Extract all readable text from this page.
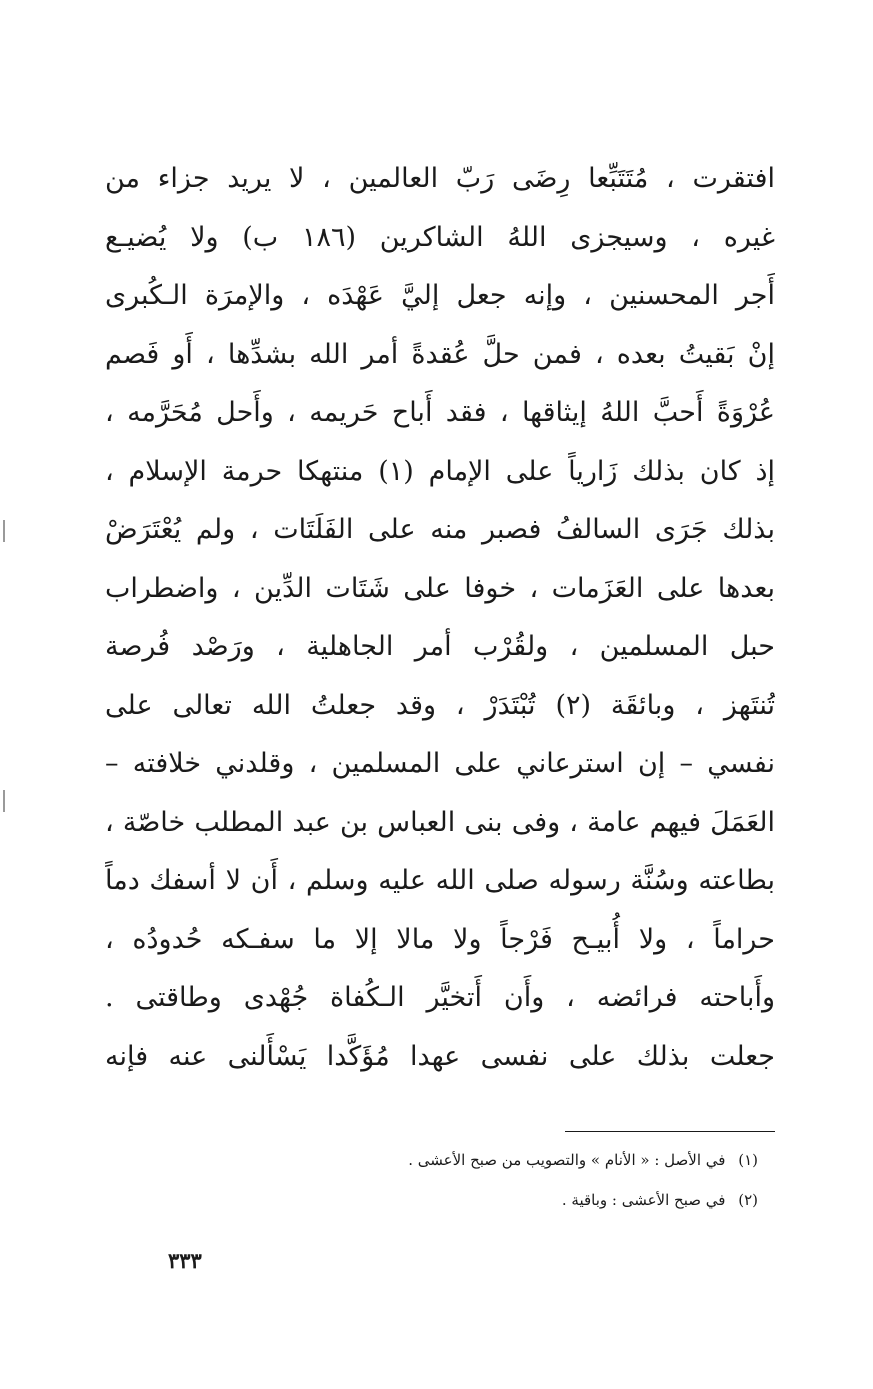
افتقرت ، مُتَتَبِّعا رِضَى رَبّ العالمين ، لا يريد جزاء من
غيره ، وسيجزى اللهُ الشاكرين (١٨٦ ب) ولا يُضيـع
أَجر المحسنين ، وإنه جعل إليَّ عَهْدَه ، والإمرَة الـكُبرى
إنْ بَقيتُ بعده ، فمن حلَّ عُقدةً أمر الله بشدِّها ، أَو فَصم
عُرْوَةً أَحبَّ اللهُ إيثاقها ، فقد أَباح حَريمه ، وأَحل مُحَرَّمه ،
إذ كان بذلك زَارياً على الإمام (١) منتهكا حرمة الإسلام ،
بذلك جَرَى السالفُ فصبر منه على الفَلَتَات ، ولم يُعْتَرَضْ
بعدها على العَزَمات ، خوفا على شَتَات الدِّين ، واضطراب
حبل المسلمين ، ولقُرْب أمر الجاهلية ، ورَصْد فُرصة
تُنتَهز ، وبائقَة (٢) تُبْتَدَرْ ، وقد جعلتُ الله تعالى على
نفسي – إن استرعاني على المسلمين ، وقلدني خلافته –
العَمَلَ فيهم عامة ، وفى بنى العباس بن عبد المطلب خاصّة ،
بطاعته وسُنَّة رسوله صلى الله عليه وسلم ، أَن لا أسفك دماً
حراماً ، ولا أُبيـح فَرْجاً ولا مالا إلا ما سفـكه حُدودُه ،
وأَباحته فرائضه ، وأَن أَتخيَّر الـكُفاة جُهْدى وطاقتى .
جعلت بذلك على نفسى عهدا مُؤَكَّدا يَسْأَلنى عنه فإنه
(١) في الأصل : « الأنام » والتصويب من صبح الأعشى .
(٢) في صبح الأعشى : وباقية .
٣٣٣
